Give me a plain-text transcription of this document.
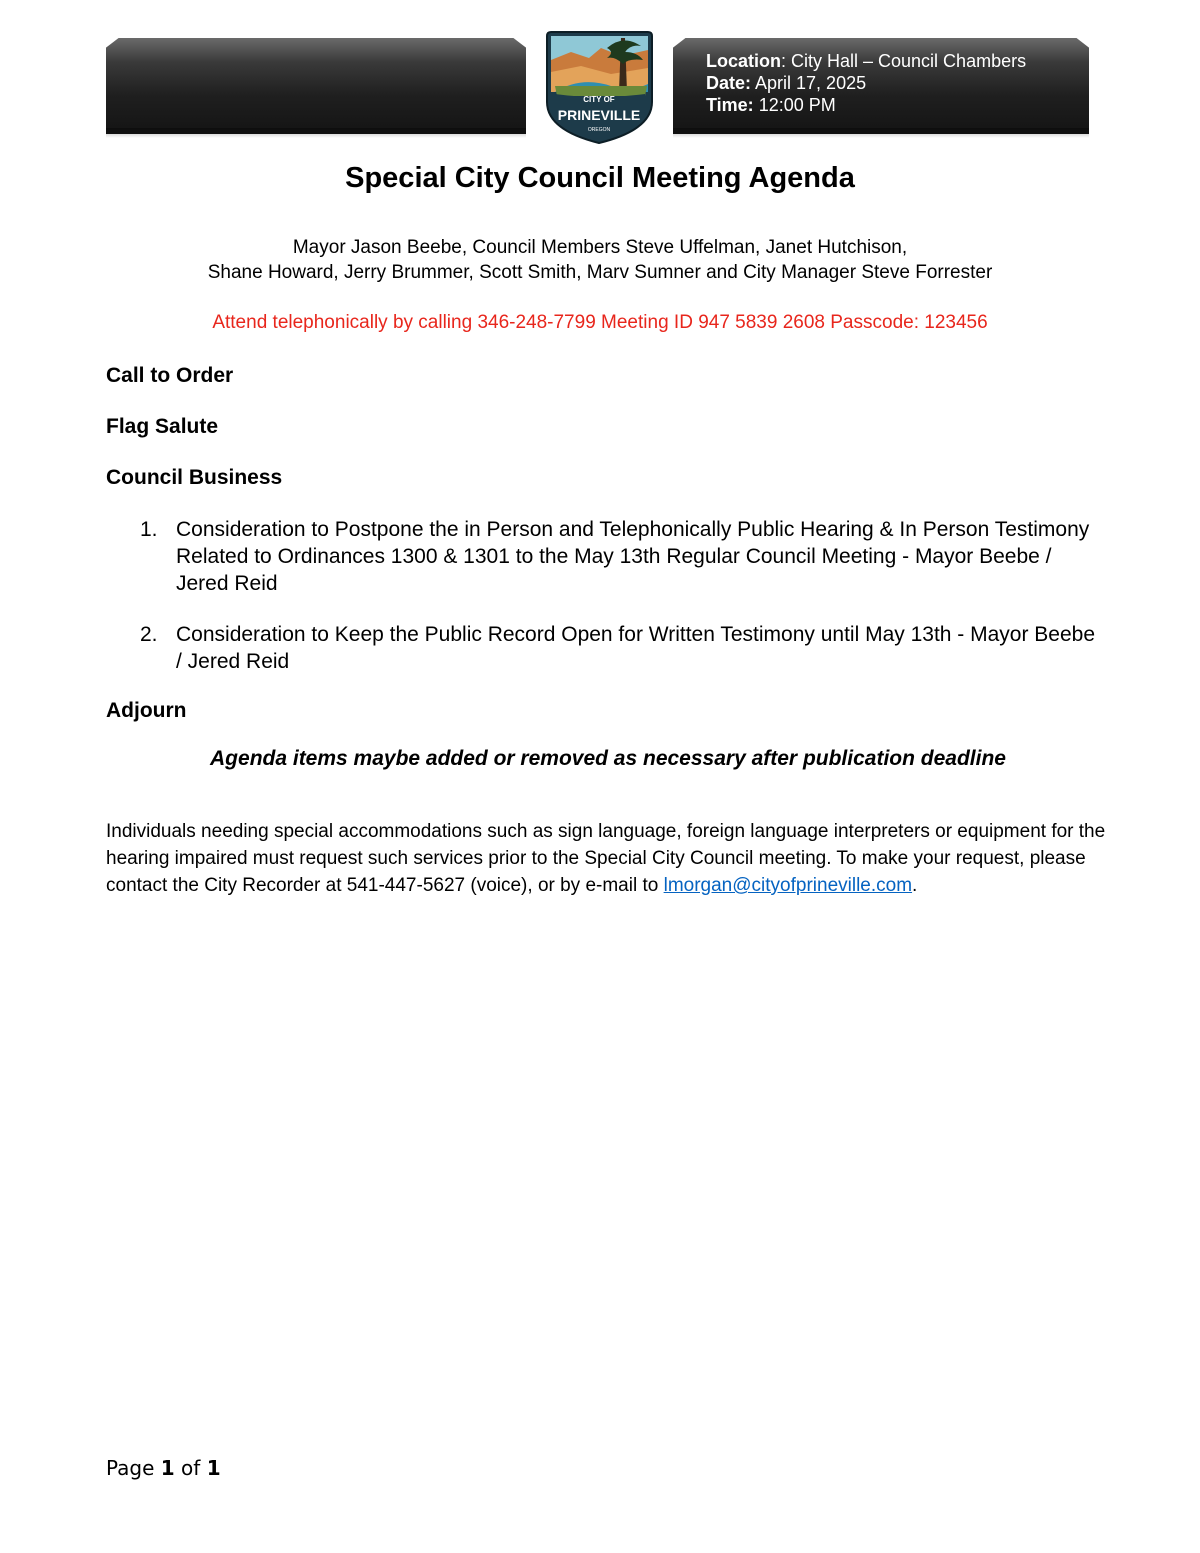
Location: City Hall – Council Chambers
Date: April 17, 2025
Time: 12:00 PM
CITY OF
PRINEVILLE
OREGON
Special City Council Meeting Agenda
Mayor Jason Beebe, Council Members Steve Uffelman, Janet Hutchison,
Shane Howard, Jerry Brummer, Scott Smith, Marv Sumner and City Manager Steve Forrester
Attend telephonically by calling 346-248-7799 Meeting ID 947 5839 2608 Passcode: 123456
Call to Order
Flag Salute
Council Business
1. Consideration to Postpone the in Person and Telephonically Public Hearing & In Person Testimony Related to Ordinances 1300 & 1301 to the May 13th Regular Council Meeting - Mayor Beebe / Jered Reid
2. Consideration to Keep the Public Record Open for Written Testimony until May 13th - Mayor Beebe / Jered Reid
Adjourn
Agenda items maybe added or removed as necessary after publication deadline
Individuals needing special accommodations such as sign language, foreign language interpreters or equipment for the hearing impaired must request such services prior to the Special City Council meeting. To make your request, please contact the City Recorder at 541-447-5627 (voice), or by e-mail to lmorgan@cityofprineville.com.
Page 1 of 1
